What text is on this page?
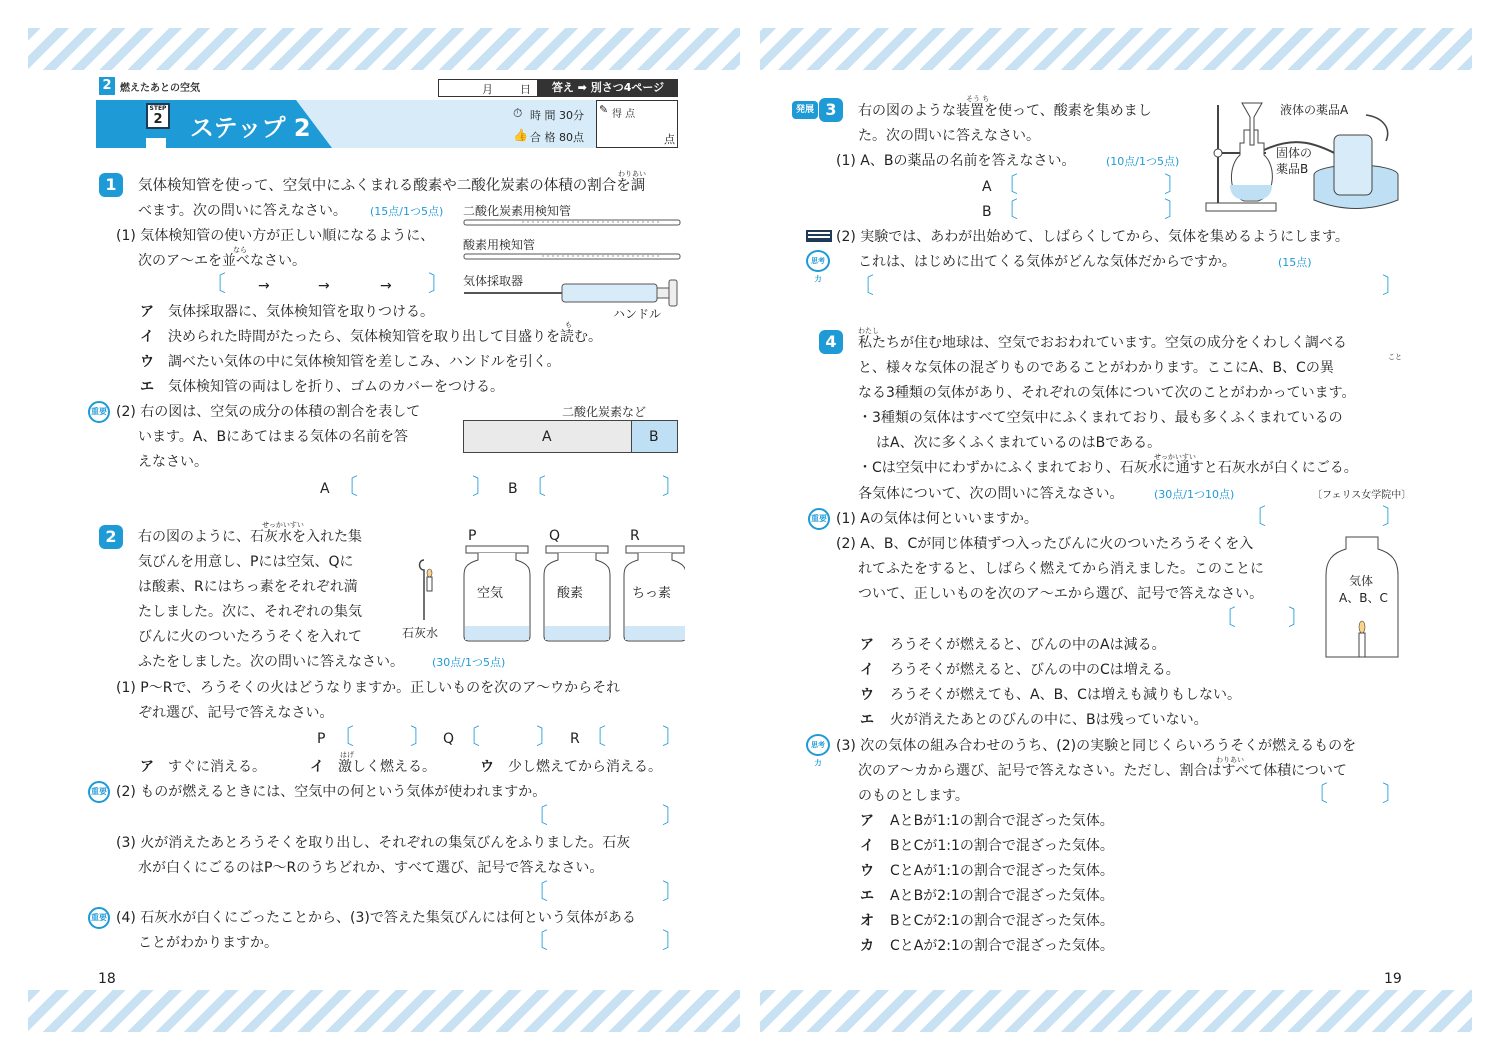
2 燃えたあとの空気
STEP
2 ステップ 2
月 日	答え ➡ 別さつ4ページ
⏱ 時 間 30分
👍 合 格 80点
✎ 得 点
点
1
わりあい
気体検知管を使って、空気中にふくまれる酸素や二酸化炭素の体積の割合を調
べます。次の問いに答えなさい。 (15点/1つ5点) 二酸化炭素用検知管
酸素用検知管
気体採取器
ハンドル
なら
(1) 気体検知管の使い方が正しい順になるように、
次のア〜エを並べなさい。
〔	〕
→	→	→
ア 気体採取器に、気体検知管を取りつける。
も
イ 決められた時間がたったら、気体検知管を取り出して目盛りを読む。
ウ 調べたい気体の中に気体検知管を差しこみ、ハンドルを引く。
エ 気体検知管の両はしを折り、ゴムのカバーをつける。
重要 (2) 右の図は、空気の成分の体積の割合を表して
います。A、Bにあてはまる気体の名前を答
えなさい。
二酸化炭素など
A	B
A 〔	〕 B 〔	〕
2
せっかいすい
右の図のように、石灰水を入れた集
気びんを用意し、Pには空気、Qに
は酸素、Rにはちっ素をそれぞれ満
たしました。次に、それぞれの集気
びんに火のついたろうそくを入れて
ふたをしました。次の問いに答えなさい。	(30点/1つ5点)
石灰水
P	Q	R
空気	酸素	ちっ素
(1) P〜Rで、ろうそくの火はどうなりますか。正しいものを次のア〜ウからそれ
ぞれ選び、記号で答えなさい。
P 〔	〕 Q 〔	〕 R 〔	〕
はげ
ア すぐに消える。	イ 激しく燃える。	ウ 少し燃えてから消える。
重要 (2) ものが燃えるときには、空気中の何という気体が使われますか。
〔	〕
(3) 火が消えたあとろうそくを取り出し、それぞれの集気びんをふりました。石灰
水が白くにごるのはP〜Rのうちどれか、すべて選び、記号で答えなさい。
〔	〕
重要 (4) 石灰水が白くにごったことから、(3)で答えた集気びんには何という気体がある
ことがわかりますか。	〔	〕
18
発展 3
そう ち
右の図のような装置を使って、酸素を集めまし
た。次の問いに答えなさい。
(1) A、Bの薬品の名前を答えなさい。	(10点/1つ5点)
A 〔	〕
B 〔	〕
液体の薬品A
固体の
薬品B
(2) 実験では、あわが出始めて、しばらくしてから、気体を集めるようにします。
思考力
これは、はじめに出てくる気体がどんな気体だからですか。	(15点)
〔	〕
4
わたし
私たちが住む地球は、空気でおおわれています。空気の成分をくわしく調べる
こと
と、様々な気体の混ざりものであることがわかります。ここにA、B、Cの異
なる3種類の気体があり、それぞれの気体について次のことがわかっています。
・3種類の気体はすべて空気中にふくまれており、最も多くふくまれているの
はA、次に多くふくまれているのはBである。
せっかいすい
・Cは空気中にわずかにふくまれており、石灰水に通すと石灰水が白くにごる。
各気体について、次の問いに答えなさい。	(30点/1つ10点)	〔フェリス女学院中〕
重要 (1) Aの気体は何といいますか。	〔	〕
(2) A、B、Cが同じ体積ずつ入ったびんに火のついたろうそくを入
れてふたをすると、しばらく燃えてから消えました。このことに
ついて、正しいものを次のア〜エから選び、記号で答えなさい。
〔 〕
気体
A、B、C
ア ろうそくが燃えると、びんの中のAは減る。
イ ろうそくが燃えると、びんの中のCは増える。
ウ ろうそくが燃えても、A、B、Cは増えも減りもしない。
エ 火が消えたあとのびんの中に、Bは残っていない。
思考力
(3) 次の気体の組み合わせのうち、(2)の実験と同じくらいろうそくが燃えるものを
わりあい
次のア〜カから選び、記号で答えなさい。ただし、割合はすべて体積について
のものとします。	〔 〕
ア AとBが1:1の割合で混ざった気体。
イ BとCが1:1の割合で混ざった気体。
ウ CとAが1:1の割合で混ざった気体。
エ AとBが2:1の割合で混ざった気体。
オ BとCが2:1の割合で混ざった気体。
カ CとAが2:1の割合で混ざった気体。
19
